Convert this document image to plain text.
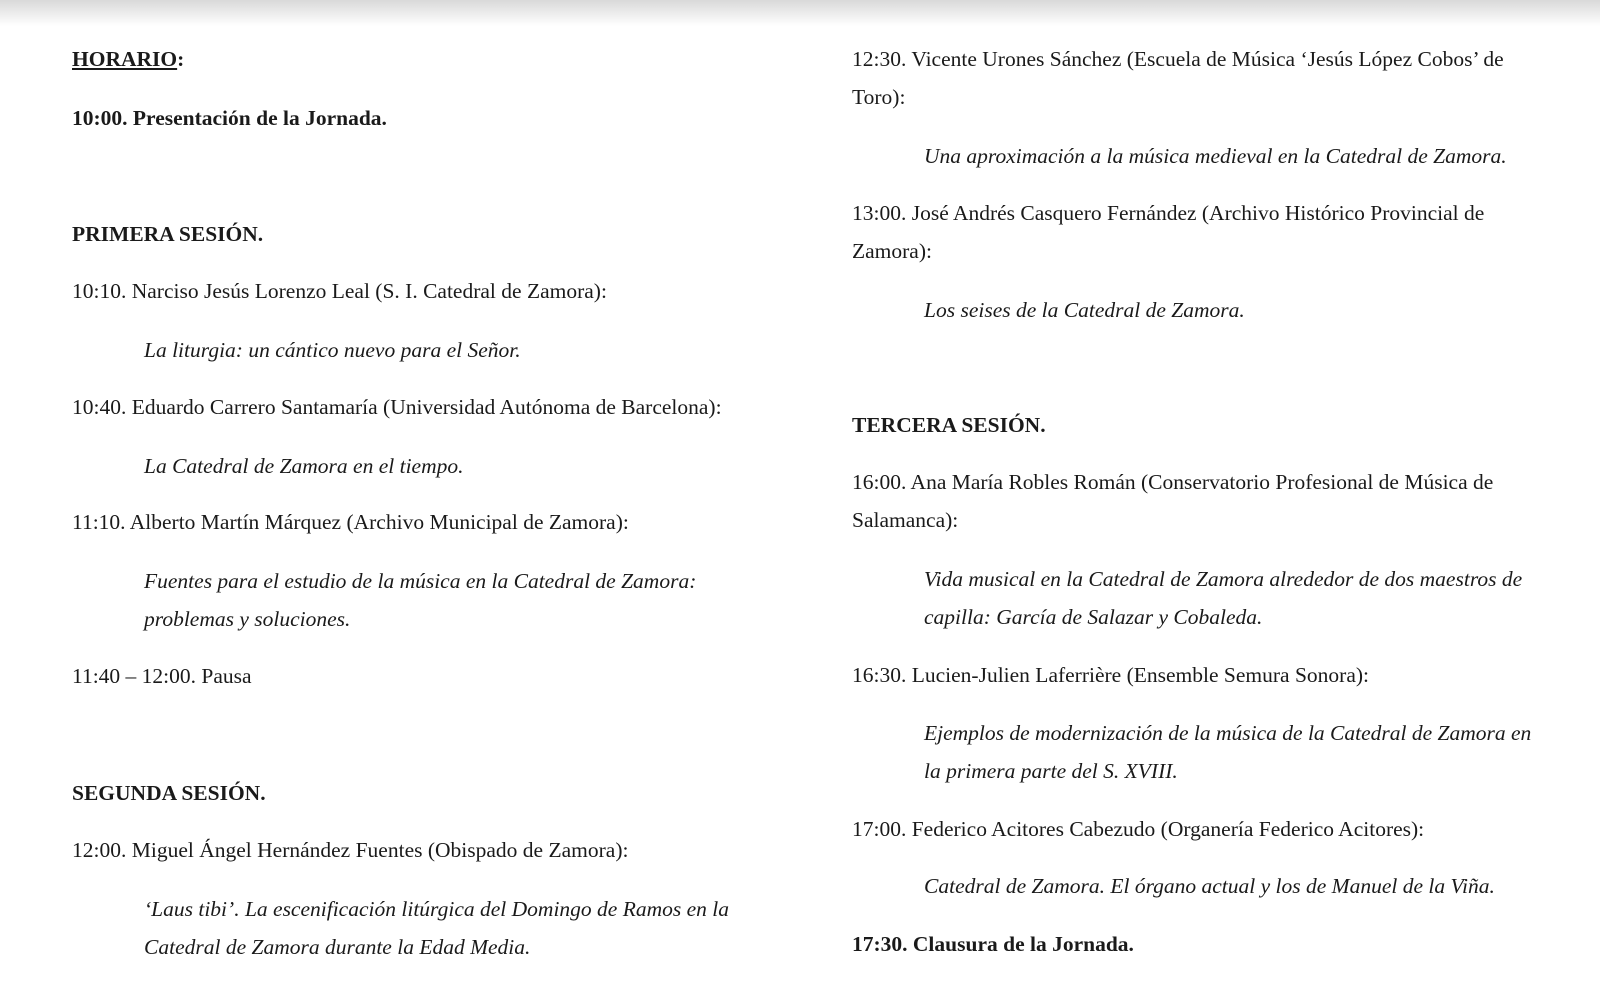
HORARIO:
10:00. Presentación de la Jornada.
PRIMERA SESIÓN.
10:10. Narciso Jesús Lorenzo Leal (S. I. Catedral de Zamora):
La liturgia: un cántico nuevo para el Señor.
10:40. Eduardo Carrero Santamaría (Universidad Autónoma de Barcelona):
La Catedral de Zamora en el tiempo.
11:10. Alberto Martín Márquez (Archivo Municipal de Zamora):
Fuentes para el estudio de la música en la Catedral de Zamora:
problemas y soluciones.
11:40 – 12:00. Pausa
SEGUNDA SESIÓN.
12:00. Miguel Ángel Hernández Fuentes (Obispado de Zamora):
‘Laus tibi’. La escenificación litúrgica del Domingo de Ramos en la
Catedral de Zamora durante la Edad Media.
12:30. Vicente Urones Sánchez (Escuela de Música ‘Jesús López Cobos’ de
Toro):
Una aproximación a la música medieval en la Catedral de Zamora.
13:00. José Andrés Casquero Fernández (Archivo Histórico Provincial de
Zamora):
Los seises de la Catedral de Zamora.
TERCERA SESIÓN.
16:00. Ana María Robles Román (Conservatorio Profesional de Música de
Salamanca):
Vida musical en la Catedral de Zamora alrededor de dos maestros de
capilla: García de Salazar y Cobaleda.
16:30. Lucien-Julien Laferrière (Ensemble Semura Sonora):
Ejemplos de modernización de la música de la Catedral de Zamora en
la primera parte del S. XVIII.
17:00. Federico Acitores Cabezudo (Organería Federico Acitores):
Catedral de Zamora. El órgano actual y los de Manuel de la Viña.
17:30. Clausura de la Jornada.
